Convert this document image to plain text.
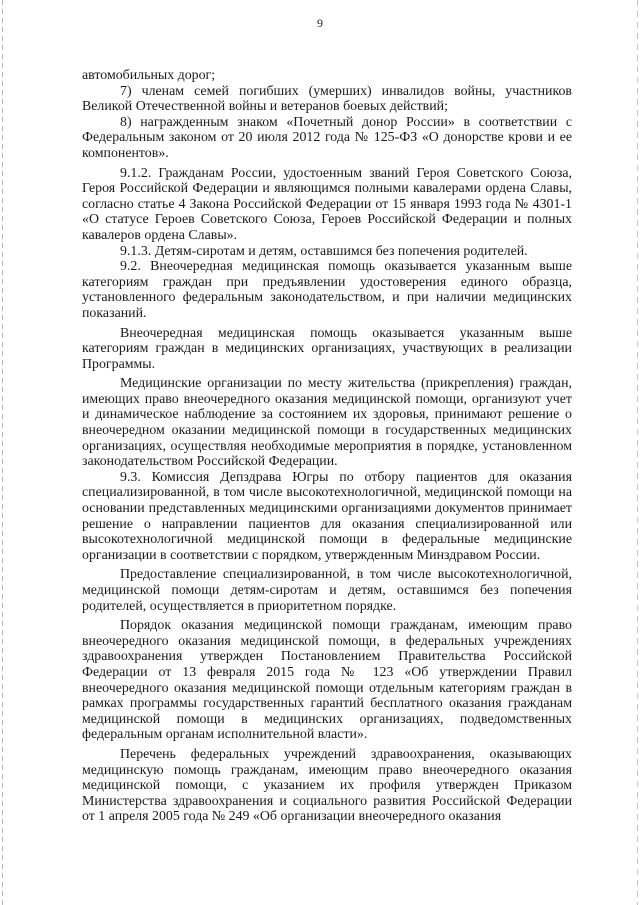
9

автомобильных дорог;

7) членам семей погибших (умерших) инвалидов войны, участников Великой Отечественной войны и ветеранов боевых действий;

8) награжденным знаком «Почетный донор России» в соответствии с Федеральным законом от 20 июля 2012 года № 125-ФЗ «О донорстве крови и ее компонентов».

9.1.2. Гражданам России, удостоенным званий Героя Советского Союза, Героя Российской Федерации и являющимся полными кавалерами ордена Славы, согласно статье 4 Закона Российской Федерации от 15 января 1993 года № 4301-1 «О статусе Героев Советского Союза, Героев Российской Федерации и полных кавалеров ордена Славы».

9.1.3. Детям-сиротам и детям, оставшимся без попечения родителей.

9.2. Внеочередная медицинская помощь оказывается указанным выше категориям граждан при предъявлении удостоверения единого образца, установленного федеральным законодательством, и при наличии медицинских показаний.

Внеочередная медицинская помощь оказывается указанным выше категориям граждан в медицинских организациях, участвующих в реализации Программы.

Медицинские организации по месту жительства (прикрепления) граждан, имеющих право внеочередного оказания медицинской помощи, организуют учет и динамическое наблюдение за состоянием их здоровья, принимают решение о внеочередном оказании медицинской помощи в государственных медицинских организациях, осуществляя необходимые мероприятия в порядке, установленном законодательством Российской Федерации.

9.3. Комиссия Депздрава Югры по отбору пациентов для оказания специализированной, в том числе высокотехнологичной, медицинской помощи на основании представленных медицинскими организациями документов принимает решение о направлении пациентов для оказания специализированной или высокотехнологичной медицинской помощи в федеральные медицинские организации в соответствии с порядком, утвержденным Минздравом России.

Предоставление специализированной, в том числе высокотехнологичной, медицинской помощи детям-сиротам и детям, оставшимся без попечения родителей, осуществляется в приоритетном порядке.

Порядок оказания медицинской помощи гражданам, имеющим право внеочередного оказания медицинской помощи, в федеральных учреждениях здравоохранения утвержден Постановлением Правительства Российской Федерации от 13 февраля 2015 года № 123 «Об утверждении Правил внеочередного оказания медицинской помощи отдельным категориям граждан в рамках программы государственных гарантий бесплатного оказания гражданам медицинской помощи в медицинских организациях, подведомственных федеральным органам исполнительной власти».

Перечень федеральных учреждений здравоохранения, оказывающих медицинскую помощь гражданам, имеющим право внеочередного оказания медицинской помощи, с указанием их профиля утвержден Приказом Министерства здравоохранения и социального развития Российской Федерации от 1 апреля 2005 года № 249 «Об организации внеочередного оказания
